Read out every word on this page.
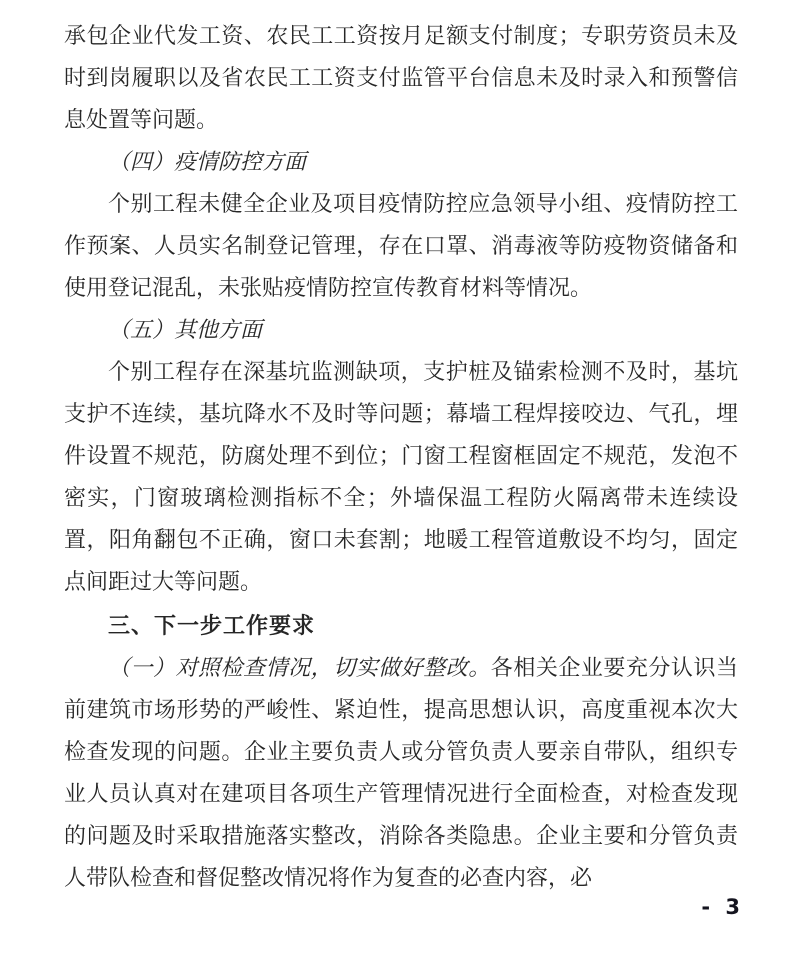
承包企业代发工资、农民工工资按月足额支付制度；专职劳资员未及时到岗履职以及省农民工工资支付监管平台信息未及时录入和预警信息处置等问题。

（四）疫情防控方面

个别工程未健全企业及项目疫情防控应急领导小组、疫情防控工作预案、人员实名制登记管理，存在口罩、消毒液等防疫物资储备和使用登记混乱，未张贴疫情防控宣传教育材料等情况。

（五）其他方面

个别工程存在深基坑监测缺项，支护桩及锚索检测不及时，基坑支护不连续，基坑降水不及时等问题；幕墙工程焊接咬边、气孔，埋件设置不规范，防腐处理不到位；门窗工程窗框固定不规范，发泡不密实，门窗玻璃检测指标不全；外墙保温工程防火隔离带未连续设置，阳角翻包不正确，窗口未套割；地暖工程管道敷设不均匀，固定点间距过大等问题。

三、下一步工作要求

（一）对照检查情况，切实做好整改。各相关企业要充分认识当前建筑市场形势的严峻性、紧迫性，提高思想认识，高度重视本次大检查发现的问题。企业主要负责人或分管负责人要亲自带队，组织专业人员认真对在建项目各项生产管理情况进行全面检查，对检查发现的问题及时采取措施落实整改，消除各类隐患。企业主要和分管负责人带队检查和督促整改情况将作为复查的必查内容，必

- 3
